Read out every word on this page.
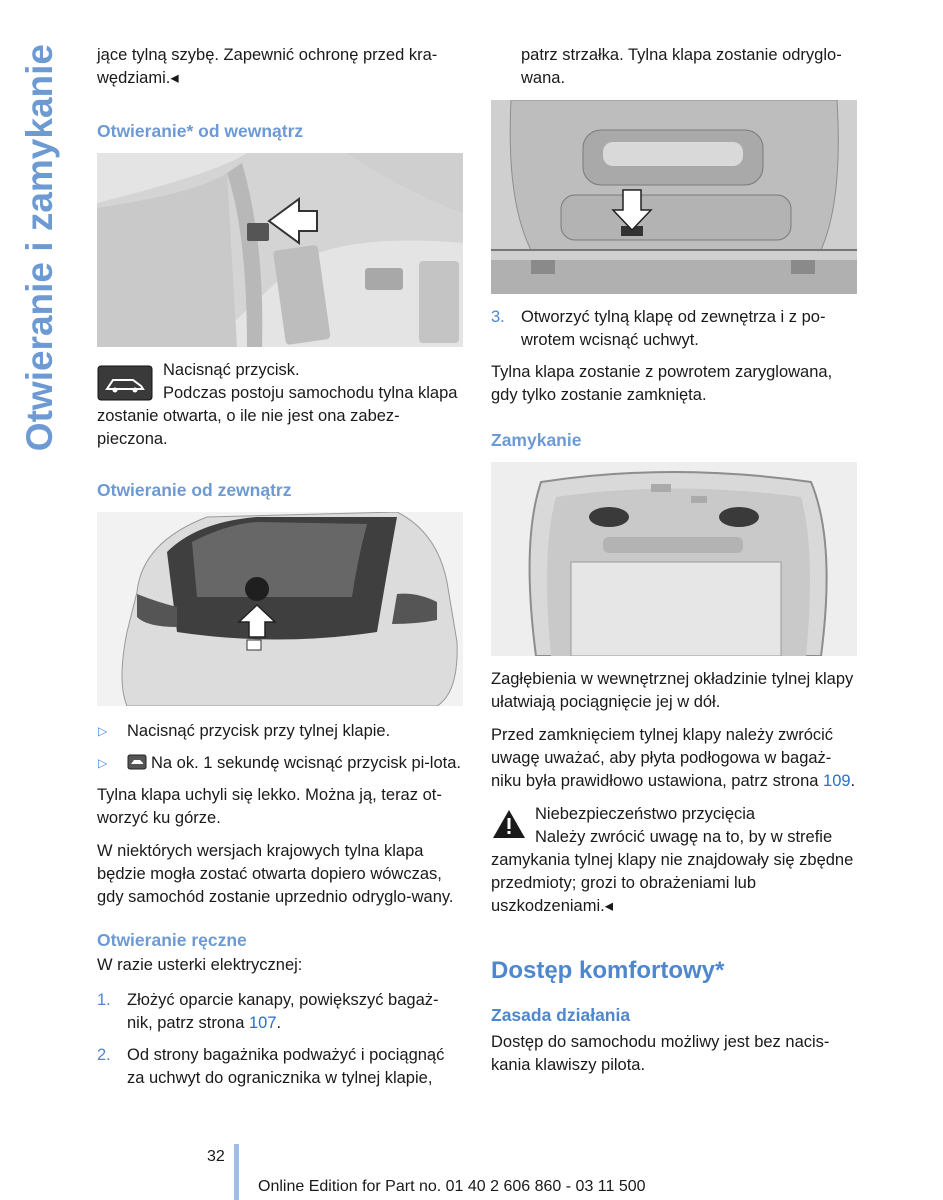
Otwieranie i zamykanie jące tylną szybę. Zapewnić ochronę przed kra‐wędziami.◂

Otwieranie* od wewnątrz

Nacisnąć przycisk.

Podczas postoju samochodu tylna klapa zostanie otwarta, o ile nie jest ona zabez‐pieczona.

Otwieranie od zewnątrz
▷ Nacisnąć przycisk przy tylnej klapie.
▷	Na ok. 1 sekundę wcisnąć przycisk pi‐lota.

Tylna klapa uchyli się lekko. Można ją, teraz ot‐worzyć ku górze.

W niektórych wersjach krajowych tylna klapa będzie mogła zostać otwarta dopiero wówczas, gdy samochód zostanie uprzednio odryglo‐wany.

Otwieranie ręczne

W razie usterki elektrycznej:

1. Złożyć oparcie kanapy, powiększyć bagaż‐nik, patrz strona 107.
2. Od strony bagażnika podważyć i pociągnąć za uchwyt do ogranicznika w tylnej klapie,

patrz strzałka. Tylna klapa zostanie odryglo‐wana.

3. Otworzyć tylną klapę od zewnętrza i z po‐wrotem wcisnąć uchwyt.

Tylna klapa zostanie z powrotem zaryglowana, gdy tylko zostanie zamknięta.

Zamykanie

Zagłębienia w wewnętrznej okładzinie tylnej klapy ułatwiają pociągnięcie jej w dół.

Przed zamknięciem tylnej klapy należy zwrócić uwagę uważać, aby płyta podłogowa w bagaż‐niku była prawidłowo ustawiona, patrz strona 109.

Niebezpieczeństwo przycięcia

Należy zwrócić uwagę na to, by w strefie zamykania tylnej klapy nie znajdowały się zbędne przedmioty; grozi to obrażeniami lub uszkodzeniami.◂

Dostęp komfortowy*
Zasada działania

Dostęp do samochodu możliwy jest bez nacis‐kania klawiszy pilota.

32
Online Edition for Part no. 01 40 2 606 860 - 03 11 500
